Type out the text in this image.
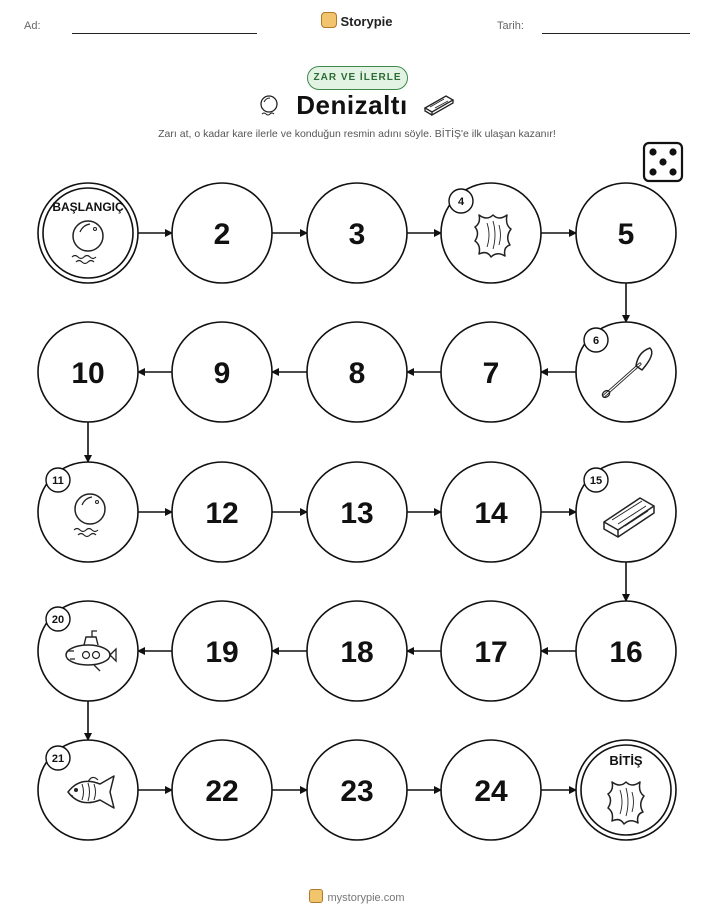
Ad:	Storypie	Tarih:
ZAR VE İLERLE
Denizaltı
Zarı at, o kadar kare ilerle ve konduğun resmin adını söyle. BİTİŞ'e ilk ulaşan kazanır!
BAŞLANGIÇ
2	3
4
5
6
7
8
9
10
11
12	13	14
15
16
17
18
19
20
21
22	23	24
BİTİŞ
mystorypie.com
